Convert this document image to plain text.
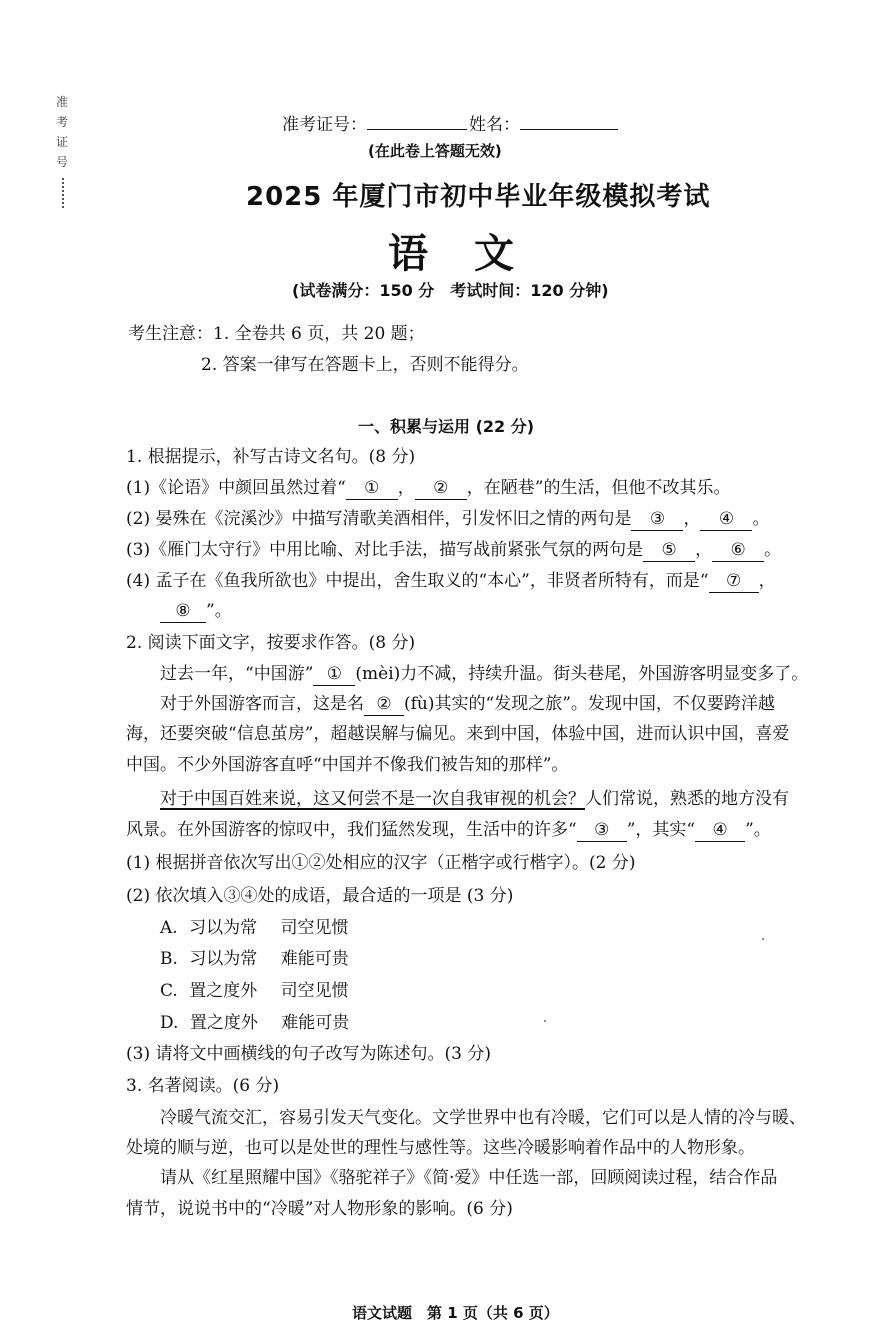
准考证号
准考证号：	姓名：
(在此卷上答题无效)
2025 年厦门市初中毕业年级模拟考试
语文
(试卷满分：150 分　考试时间：120 分钟)
考生注意：1. 全卷共 6 页，共 20 题；
2. 答案一律写在答题卡上，否则不能得分。
一、积累与运用 (22 分)
1. 根据提示，补写古诗文名句。(8 分)
(1)《论语》中颜回虽然过着“ ① ， ② ，在陋巷”的生活，但他不改其乐。
(2) 晏殊在《浣溪沙》中描写清歌美酒相伴，引发怀旧之情的两句是 ③ ， ④ 。
(3)《雁门太守行》中用比喻、对比手法，描写战前紧张气氛的两句是 ⑤ ， ⑥ 。
(4) 孟子在《鱼我所欲也》中提出，舍生取义的“本心”，非贤者所特有，而是“ ⑦ ，
⑧ ”。
2. 阅读下面文字，按要求作答。(8 分)
过去一年，“中国游” ① (mèi)力不减，持续升温。街头巷尾，外国游客明显变多了。
对于外国游客而言，这是名 ② (fù)其实的“发现之旅”。发现中国，不仅要跨洋越
海，还要突破“信息茧房”，超越误解与偏见。来到中国，体验中国，进而认识中国，喜爱
中国。不少外国游客直呼“中国并不像我们被告知的那样”。
对于中国百姓来说，这又何尝不是一次自我审视的机会？人们常说，熟悉的地方没有
风景。在外国游客的惊叹中，我们猛然发现，生活中的许多“ ③ ”，其实“ ④ ”。
(1) 根据拼音依次写出①②处相应的汉字（正楷字或行楷字）。(2 分)
(2) 依次填入③④处的成语，最合适的一项是 (3 分)
A. 习以为常 司空见惯
B. 习以为常 难能可贵
C. 置之度外 司空见惯
D. 置之度外 难能可贵
(3) 请将文中画横线的句子改写为陈述句。(3 分)
3. 名著阅读。(6 分)
冷暖气流交汇，容易引发天气变化。文学世界中也有冷暖，它们可以是人情的冷与暖、
处境的顺与逆，也可以是处世的理性与感性等。这些冷暖影响着作品中的人物形象。
请从《红星照耀中国》《骆驼祥子》《简·爱》中任选一部，回顾阅读过程，结合作品
情节，说说书中的“冷暖”对人物形象的影响。(6 分)
语文试题　第 1 页（共 6 页）
